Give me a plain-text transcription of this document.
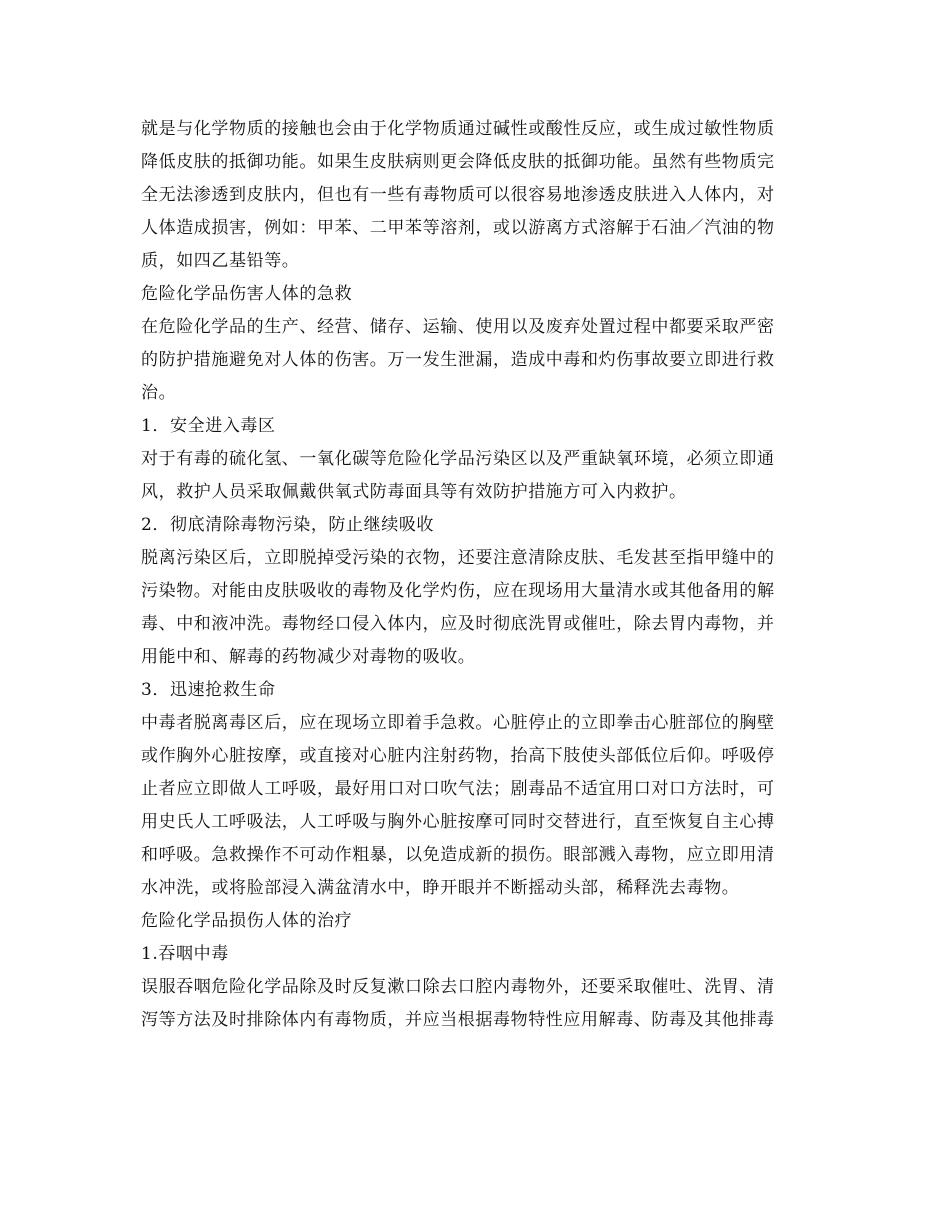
就是与化学物质的接触也会由于化学物质通过碱性或酸性反应，或生成过敏性物质
降低皮肤的抵御功能。如果生皮肤病则更会降低皮肤的抵御功能。虽然有些物质完
全无法渗透到皮肤内，但也有一些有毒物质可以很容易地渗透皮肤进入人体内，对
人体造成损害，例如：甲苯、二甲苯等溶剂，或以游离方式溶解于石油／汽油的物
质，如四乙基铅等。
危险化学品伤害人体的急救
在危险化学品的生产、经营、储存、运输、使用以及废弃处置过程中都要采取严密
的防护措施避免对人体的伤害。万一发生泄漏，造成中毒和灼伤事故要立即进行救
治。
1．安全进入毒区
对于有毒的硫化氢、一氧化碳等危险化学品污染区以及严重缺氧环境，必须立即通
风，救护人员采取佩戴供氧式防毒面具等有效防护措施方可入内救护。
2．彻底清除毒物污染，防止继续吸收
脱离污染区后，立即脱掉受污染的衣物，还要注意清除皮肤、毛发甚至指甲缝中的
污染物。对能由皮肤吸收的毒物及化学灼伤，应在现场用大量清水或其他备用的解
毒、中和液冲洗。毒物经口侵入体内，应及时彻底洗胃或催吐，除去胃内毒物，并
用能中和、解毒的药物减少对毒物的吸收。
3．迅速抢救生命
中毒者脱离毒区后，应在现场立即着手急救。心脏停止的立即拳击心脏部位的胸壁
或作胸外心脏按摩，或直接对心脏内注射药物，抬高下肢使头部低位后仰。呼吸停
止者应立即做人工呼吸，最好用口对口吹气法；剧毒品不适宜用口对口方法时，可
用史氏人工呼吸法，人工呼吸与胸外心脏按摩可同时交替进行，直至恢复自主心搏
和呼吸。急救操作不可动作粗暴，以免造成新的损伤。眼部溅入毒物，应立即用清
水冲洗，或将脸部浸入满盆清水中，睁开眼并不断摇动头部，稀释洗去毒物。
危险化学品损伤人体的治疗
1.吞咽中毒
误服吞咽危险化学品除及时反复漱口除去口腔内毒物外，还要采取催吐、洗胃、清
泻等方法及时排除体内有毒物质，并应当根据毒物特性应用解毒、防毒及其他排毒
